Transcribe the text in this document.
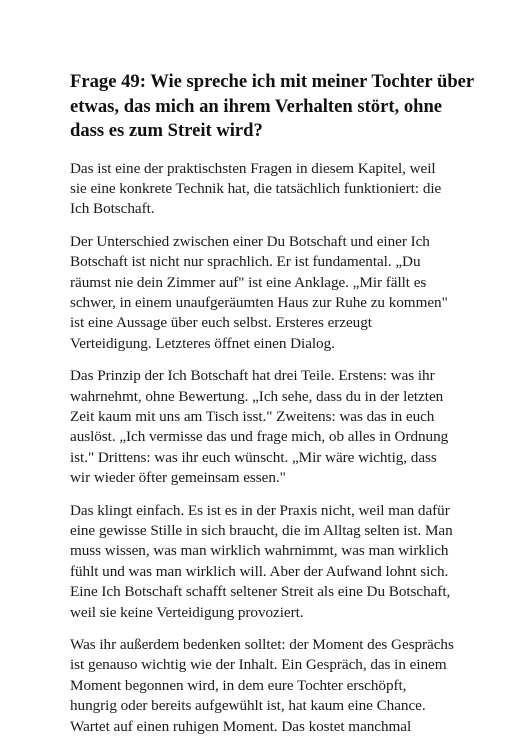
Frage 49: Wie spreche ich mit meiner Tochter über
etwas, das mich an ihrem Verhalten stört, ohne
dass es zum Streit wird?

Das ist eine der praktischsten Fragen in diesem Kapitel, weil
sie eine konkrete Technik hat, die tatsächlich funktioniert: die
Ich Botschaft.

Der Unterschied zwischen einer Du Botschaft und einer Ich
Botschaft ist nicht nur sprachlich. Er ist fundamental. „Du
räumst nie dein Zimmer auf" ist eine Anklage. „Mir fällt es
schwer, in einem unaufgeräumten Haus zur Ruhe zu kommen"
ist eine Aussage über euch selbst. Ersteres erzeugt
Verteidigung. Letzteres öffnet einen Dialog.

Das Prinzip der Ich Botschaft hat drei Teile. Erstens: was ihr
wahrnehmt, ohne Bewertung. „Ich sehe, dass du in der letzten
Zeit kaum mit uns am Tisch isst." Zweitens: was das in euch
auslöst. „Ich vermisse das und frage mich, ob alles in Ordnung
ist." Drittens: was ihr euch wünscht. „Mir wäre wichtig, dass
wir wieder öfter gemeinsam essen."

Das klingt einfach. Es ist es in der Praxis nicht, weil man dafür
eine gewisse Stille in sich braucht, die im Alltag selten ist. Man
muss wissen, was man wirklich wahrnimmt, was man wirklich
fühlt und was man wirklich will. Aber der Aufwand lohnt sich.
Eine Ich Botschaft schafft seltener Streit als eine Du Botschaft,
weil sie keine Verteidigung provoziert.

Was ihr außerdem bedenken solltet: der Moment des Gesprächs
ist genauso wichtig wie der Inhalt. Ein Gespräch, das in einem
Moment begonnen wird, in dem eure Tochter erschöpft,
hungrig oder bereits aufgewühlt ist, hat kaum eine Chance.
Wartet auf einen ruhigen Moment. Das kostet manchmal
